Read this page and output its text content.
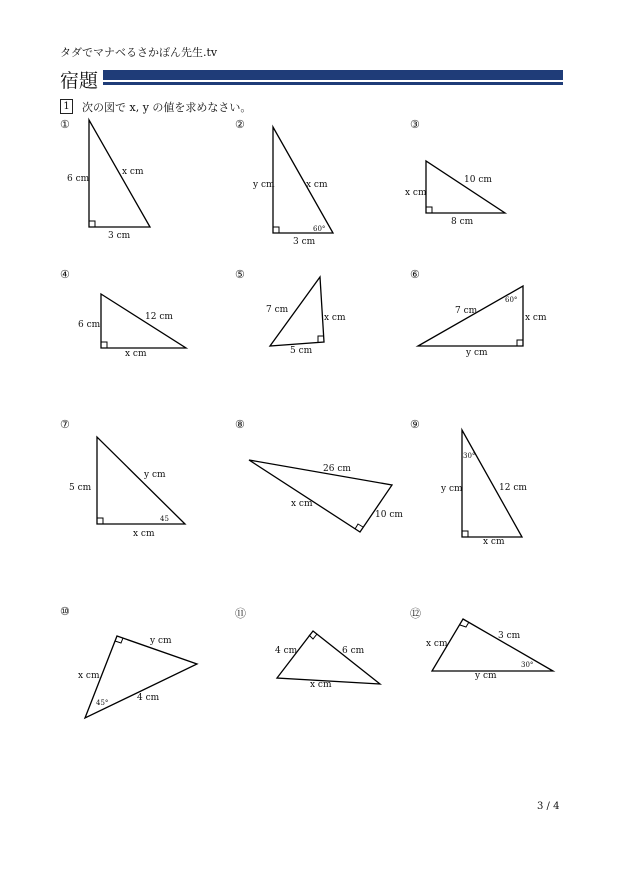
タダでマナベるさかぽん先生.tv
宿題
1	次の図で x, y の値を求めなさい。
①	②	③
④	⑤	⑥
⑦	⑧	⑨
⑩	⑪	⑫
6 cm
x cm
3 cm
y cm	x cm
3 cm
60°
10 cm
x cm
8 cm
12 cm
6 cm
x cm
7 cm
x cm
5 cm
7 cm
x cm
y cm
60°
5 cm
y cm
x cm
45
26 cm
x cm
10 cm
y cm	12 cm
x cm
30°
y cm
x cm
4 cm
45°
4 cm	6 cm
x cm
3 cm
x cm
y cm
30°
3 / 4
